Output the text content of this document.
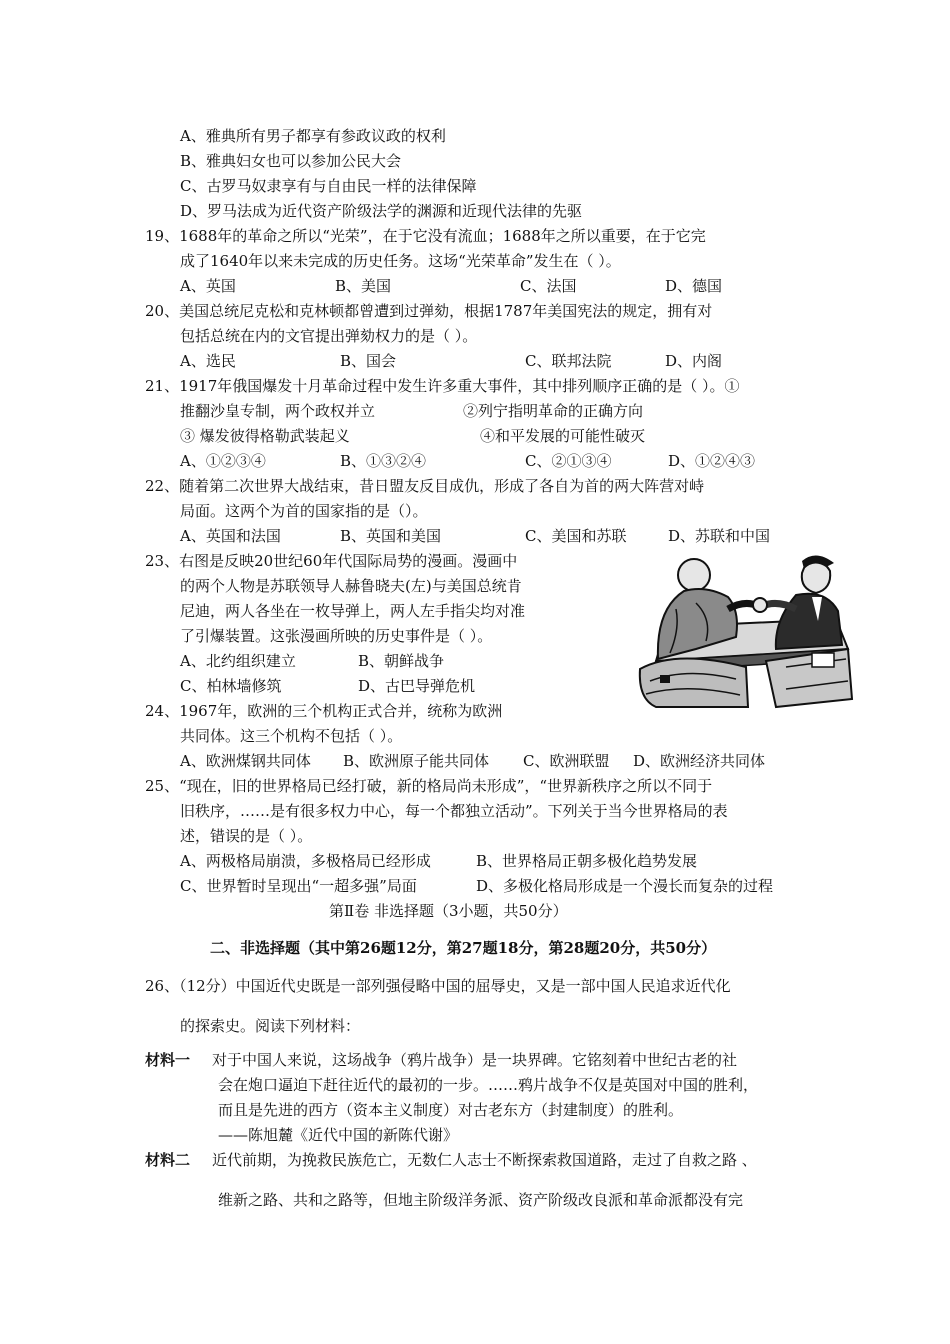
A、雅典所有男子都享有参政议政的权利
B、雅典妇女也可以参加公民大会
C、古罗马奴隶享有与自由民一样的法律保障
D、罗马法成为近代资产阶级法学的渊源和近现代法律的先驱
19、1688年的革命之所以“光荣”，在于它没有流血；1688年之所以重要，在于它完
成了1640年以来未完成的历史任务。这场“光荣革命”发生在（ ）。
A、英国	B、美国	C、法国	D、德国
20、美国总统尼克松和克林顿都曾遭到过弹劾，根据1787年美国宪法的规定，拥有对
包括总统在内的文官提出弹劾权力的是（ ）。
A、选民	B、国会	C、联邦法院	D、内阁
21、1917年俄国爆发十月革命过程中发生许多重大事件，其中排列顺序正确的是（ ）。①
推翻沙皇专制，两个政权并立	②列宁指明革命的正确方向
③ 爆发彼得格勒武装起义	④和平发展的可能性破灭
A、①②③④	B、①③②④	C、②①③④	D、①②④③
22、随着第二次世界大战结束，昔日盟友反目成仇，形成了各自为首的两大阵营对峙
局面。这两个为首的国家指的是（）。
A、英国和法国	B、英国和美国	C、美国和苏联	D、苏联和中国
23、右图是反映20世纪60年代国际局势的漫画。漫画中
的两个人物是苏联领导人赫鲁晓夫(左)与美国总统肯
尼迪，两人各坐在一枚导弹上，两人左手指尖均对准
了引爆装置。这张漫画所映的历史事件是（ ）。
A、北约组织建立	B、朝鲜战争
C、柏林墙修筑	D、古巴导弹危机
24、1967年，欧洲的三个机构正式合并，统称为欧洲
共同体。这三个机构不包括（ ）。
A、欧洲煤钢共同体 B、欧洲原子能共同体 C、欧洲联盟 D、欧洲经济共同体
25、“现在，旧的世界格局已经打破，新的格局尚未形成”，“世界新秩序之所以不同于
旧秩序，……是有很多权力中心，每一个都独立活动”。下列关于当今世界格局的表
述，错误的是（ ）。
A、两极格局崩溃，多极格局已经形成	B、世界格局正朝多极化趋势发展
C、世界暂时呈现出“一超多强”局面	D、多极化格局形成是一个漫长而复杂的过程
第Ⅱ卷 非选择题（3小题，共50分）
二、非选择题（其中第26题12分，第27题18分，第28题20分，共50分）
26、（12分）中国近代史既是一部列强侵略中国的屈辱史，又是一部中国人民追求近代化
的探索史。阅读下列材料：
材料一 对于中国人来说，这场战争（鸦片战争）是一块界碑。它铭刻着中世纪古老的社
会在炮口逼迫下赶往近代的最初的一步。……鸦片战争不仅是英国对中国的胜利，
而且是先进的西方（资本主义制度）对古老东方（封建制度）的胜利。
——陈旭麓《近代中国的新陈代谢》
材料二 近代前期，为挽救民族危亡，无数仁人志士不断探索救国道路，走过了自救之路 、
维新之路、共和之路等，但地主阶级洋务派、资产阶级改良派和革命派都没有完
